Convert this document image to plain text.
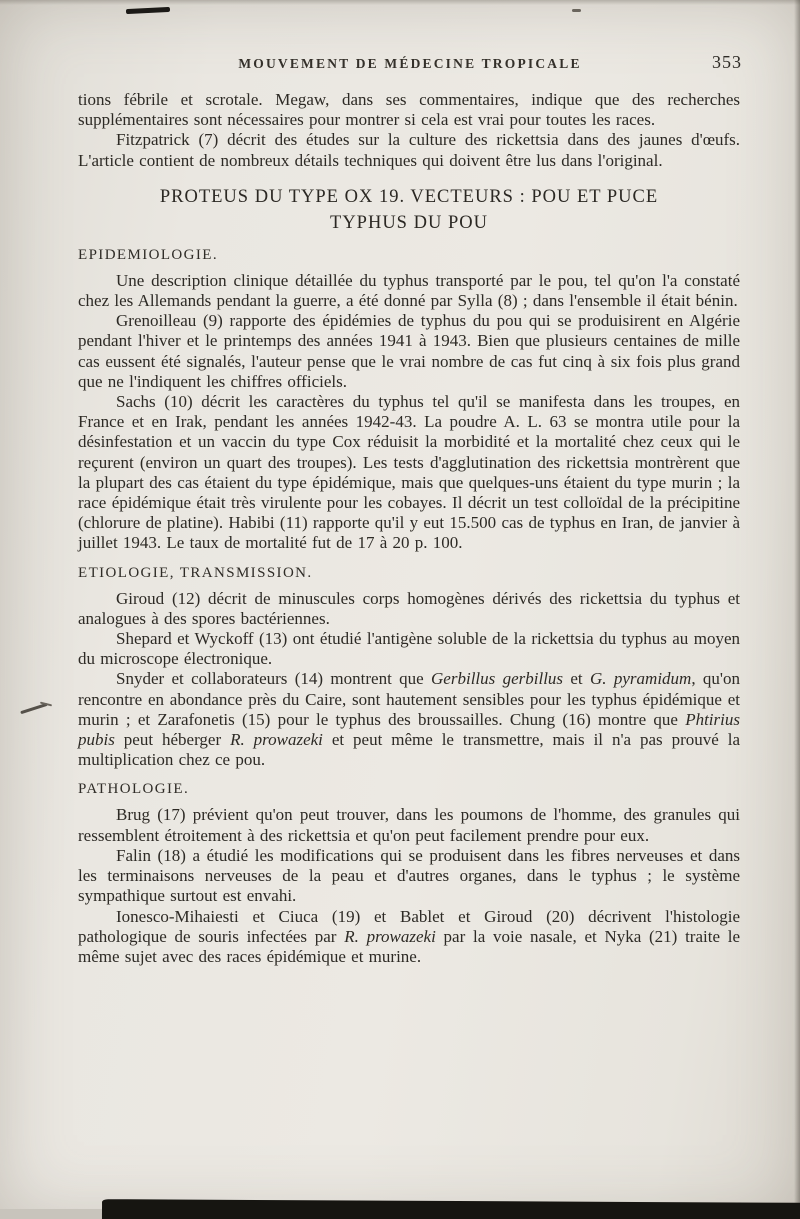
MOUVEMENT DE MÉDECINE TROPICALE	353

tions fébrile et scrotale. Megaw, dans ses commentaires, indique que des recherches supplémentaires sont nécessaires pour montrer si cela est vrai pour toutes les races.

Fitzpatrick (7) décrit des études sur la culture des rickettsia dans des jaunes d'œufs. L'article contient de nombreux détails techniques qui doivent être lus dans l'original.

PROTEUS DU TYPE OX 19. VECTEURS : POU ET PUCE
TYPHUS DU POU
EPIDEMIOLOGIE.

Une description clinique détaillée du typhus transporté par le pou, tel qu'on l'a constaté chez les Allemands pendant la guerre, a été donné par Sylla (8) ; dans l'ensemble il était bénin.

Grenoilleau (9) rapporte des épidémies de typhus du pou qui se produisirent en Algérie pendant l'hiver et le printemps des années 1941 à 1943. Bien que plusieurs centaines de mille cas eussent été signalés, l'auteur pense que le vrai nombre de cas fut cinq à six fois plus grand que ne l'indiquent les chiffres officiels.

Sachs (10) décrit les caractères du typhus tel qu'il se manifesta dans les troupes, en France et en Irak, pendant les années 1942-43. La poudre A. L. 63 se montra utile pour la désinfestation et un vaccin du type Cox réduisit la morbidité et la mortalité chez ceux qui le reçurent (environ un quart des troupes). Les tests d'agglutination des rickettsia montrèrent que la plupart des cas étaient du type épidémique, mais que quelques-uns étaient du type murin ; la race épidémique était très virulente pour les cobayes. Il décrit un test colloïdal de la précipitine (chlorure de platine). Habibi (11) rapporte qu'il y eut 15.500 cas de typhus en Iran, de janvier à juillet 1943. Le taux de mortalité fut de 17 à 20 p. 100.

ETIOLOGIE, TRANSMISSION.

Giroud (12) décrit de minuscules corps homogènes dérivés des rickettsia du typhus et analogues à des spores bactériennes.

Shepard et Wyckoff (13) ont étudié l'antigène soluble de la rickettsia du typhus au moyen du microscope électronique.

Snyder et collaborateurs (14) montrent que Gerbillus gerbillus et G. pyramidum, qu'on rencontre en abondance près du Caire, sont hautement sensibles pour les typhus épidémique et murin ; et Zarafonetis (15) pour le typhus des broussailles. Chung (16) montre que Phtirius pubis peut héberger R. prowazeki et peut même le transmettre, mais il n'a pas prouvé la multiplication chez ce pou.

PATHOLOGIE.

Brug (17) prévient qu'on peut trouver, dans les poumons de l'homme, des granules qui ressemblent étroitement à des rickettsia et qu'on peut facilement prendre pour eux.

Falin (18) a étudié les modifications qui se produisent dans les fibres nerveuses et dans les terminaisons nerveuses de la peau et d'autres organes, dans le typhus ; le système sympathique surtout est envahi.

Ionesco-Mihaiesti et Ciuca (19) et Bablet et Giroud (20) décrivent l'histologie pathologique de souris infectées par R. prowazeki par la voie nasale, et Nyka (21) traite le même sujet avec des races épidémique et murine.
